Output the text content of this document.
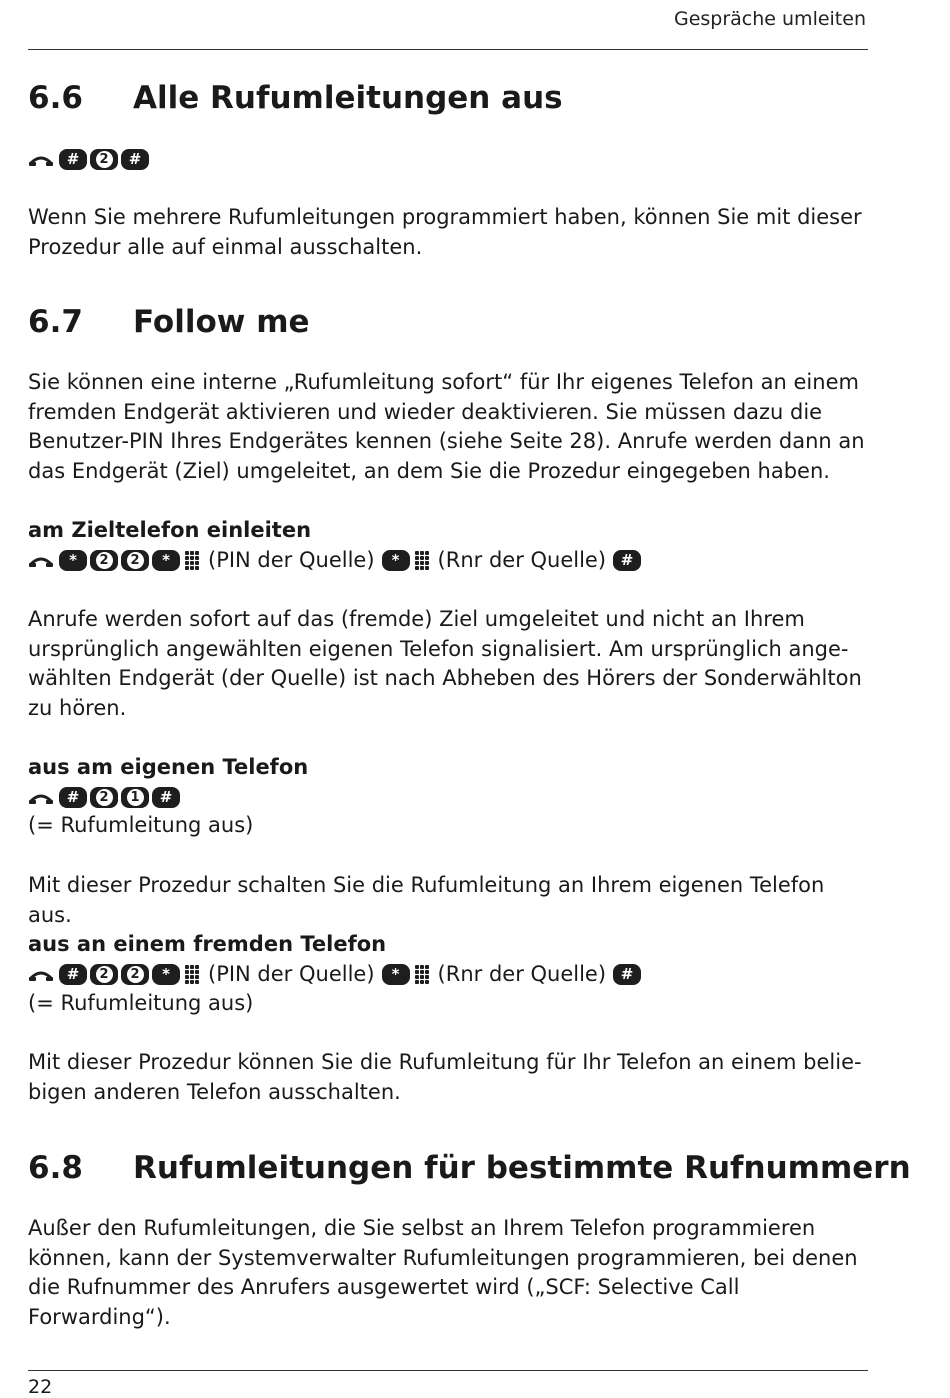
Gespräche umleiten
6.6	Alle Rufumleitungen aus
#	2	#

Wenn Sie mehrere Rufumleitungen programmiert haben, können Sie mit dieser Prozedur alle auf einmal ausschalten.

6.7	Follow me

Sie können eine interne „Rufumleitung sofort“ für Ihr eigenes Telefon an einem fremden Endgerät aktivieren und wieder deaktivieren. Sie müssen dazu die Benutzer-PIN Ihres Endgerätes kennen (siehe Seite 28). Anrufe werden dann an das Endgerät (Ziel) umgeleitet, an dem Sie die Prozedur eingegeben haben.

am Zieltelefon einleiten

*	2	2	*	(PIN der Quelle)	*	(Rnr der Quelle) #

Anrufe werden sofort auf das (fremde) Ziel umgeleitet und nicht an Ihrem ursprünglich angewählten eigenen Telefon signalisiert. Am ursprünglich angewählten Endgerät (der Quelle) ist nach Abheben des Hörers der Sonderwählton zu hören.

aus am eigenen Telefon

#	2	1	#

(= Rufumleitung aus)

Mit dieser Prozedur schalten Sie die Rufumleitung an Ihrem eigenen Telefon aus.

aus an einem fremden Telefon

#	2	2	*	(PIN der Quelle)	*	(Rnr der Quelle) #

(= Rufumleitung aus)

Mit dieser Prozedur können Sie die Rufumleitung für Ihr Telefon an einem beliebigen anderen Telefon ausschalten.

6.8	Rufumleitungen für bestimmte Rufnummern

Außer den Rufumleitungen, die Sie selbst an Ihrem Telefon programmieren können, kann der Systemverwalter Rufumleitungen programmieren, bei denen die Rufnummer des Anrufers ausgewertet wird („SCF: Selective Call Forwarding“).

22
